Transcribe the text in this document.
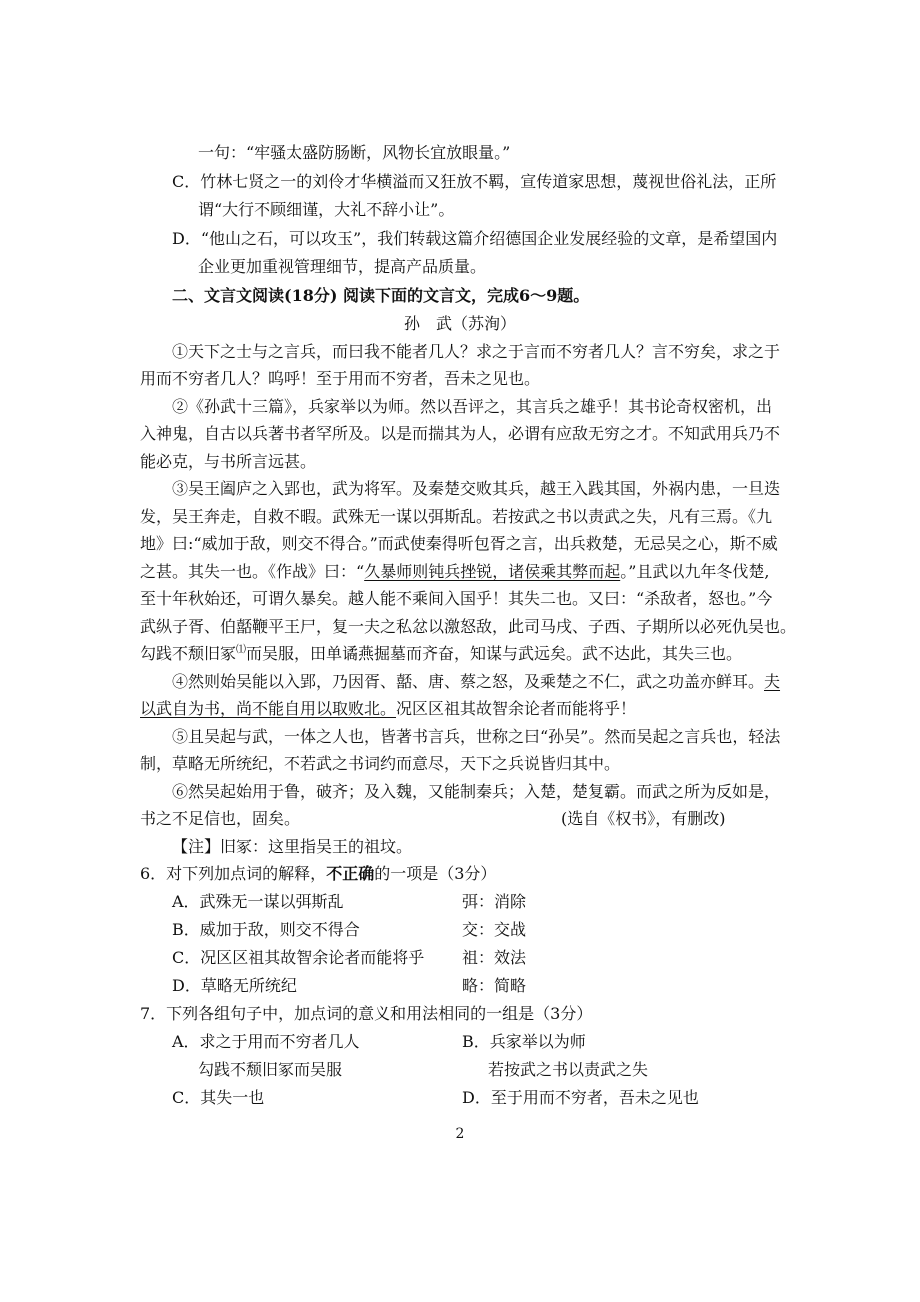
一句：“牢骚太盛防肠断，风物长宜放眼量。”
C．竹林七贤之一的刘伶才华横溢而又狂放不羁，宣传道家思想，蔑视世俗礼法，正所
谓“大行不顾细谨，大礼不辞小让”。
D．“他山之石，可以攻玉”，我们转载这篇介绍德国企业发展经验的文章，是希望国内
企业更加重视管理细节，提高产品质量。
二、文言文阅读(18分) 阅读下面的文言文，完成6～9题。
孙　武（苏洵）
①天下之士与之言兵，而曰我不能者几人？求之于言而不穷者几人？言不穷矣，求之于
用而不穷者几人？呜呼！至于用而不穷者，吾未之见也。
②《孙武十三篇》，兵家举以为师。然以吾评之，其言兵之雄乎！其书论奇权密机，出
入神鬼，自古以兵著书者罕所及。以是而揣其为人，必谓有应敌无穷之才。不知武用兵乃不
能必克，与书所言远甚。
③吴王阖庐之入郢也，武为将军。及秦楚交败其兵，越王入践其国，外祸内患，一旦迭
发，吴王奔走，自救不暇。武殊无一谋以弭斯乱。若按武之书以责武之失，凡有三焉。《九
地》曰:“威加于敌，则交不得合。”而武使秦得听包胥之言，出兵救楚，无忌吴之心，斯不威
之甚。其失一也。《作战》曰：“久暴师则钝兵挫锐，诸侯乘其弊而起。”且武以九年冬伐楚,
至十年秋始还，可谓久暴矣。越人能不乘间入国乎！其失二也。又曰：“杀敌者，怒也。”今
武纵子胥、伯嚭鞭平王尸，复一夫之私忿以激怒敌，此司马戌、子西、子期所以必死仇吴也。
勾践不颓旧冢⑴而吴服，田单谲燕掘墓而齐奋，知谋与武远矣。武不达此，其失三也。
④然则始吴能以入郢，乃因胥、嚭、唐、蔡之怒，及乘楚之不仁，武之功盖亦鲜耳。夫
以武自为书，尚不能自用以取败北。况区区祖其故智余论者而能将乎！
⑤且吴起与武，一体之人也，皆著书言兵，世称之曰“孙吴”。然而吴起之言兵也，轻法
制，草略无所统纪，不若武之书词约而意尽，天下之兵说皆归其中。
⑥然吴起始用于鲁，破齐；及入魏，又能制秦兵；入楚，楚复霸。而武之所为反如是，
书之不足信也，固矣。	(选自《权书》，有删改)
【注】旧冢：这里指吴王的祖坟。
6．对下列加点词的解释，不正确的一项是（3分）
A．武殊无一谋以弭斯乱	弭：消除
B．威加于敌，则交不得合	交：交战
C．况区区祖其故智余论者而能将乎 祖：效法
D．草略无所统纪	略：简略
7．下列各组句子中，加点词的意义和用法相同的一组是（3分）
A．求之于用而不穷者几人	B．兵家举以为师
勾践不颓旧冢而吴服	若按武之书以责武之失
C．其失一也	D．至于用而不穷者，吾未之见也
2
